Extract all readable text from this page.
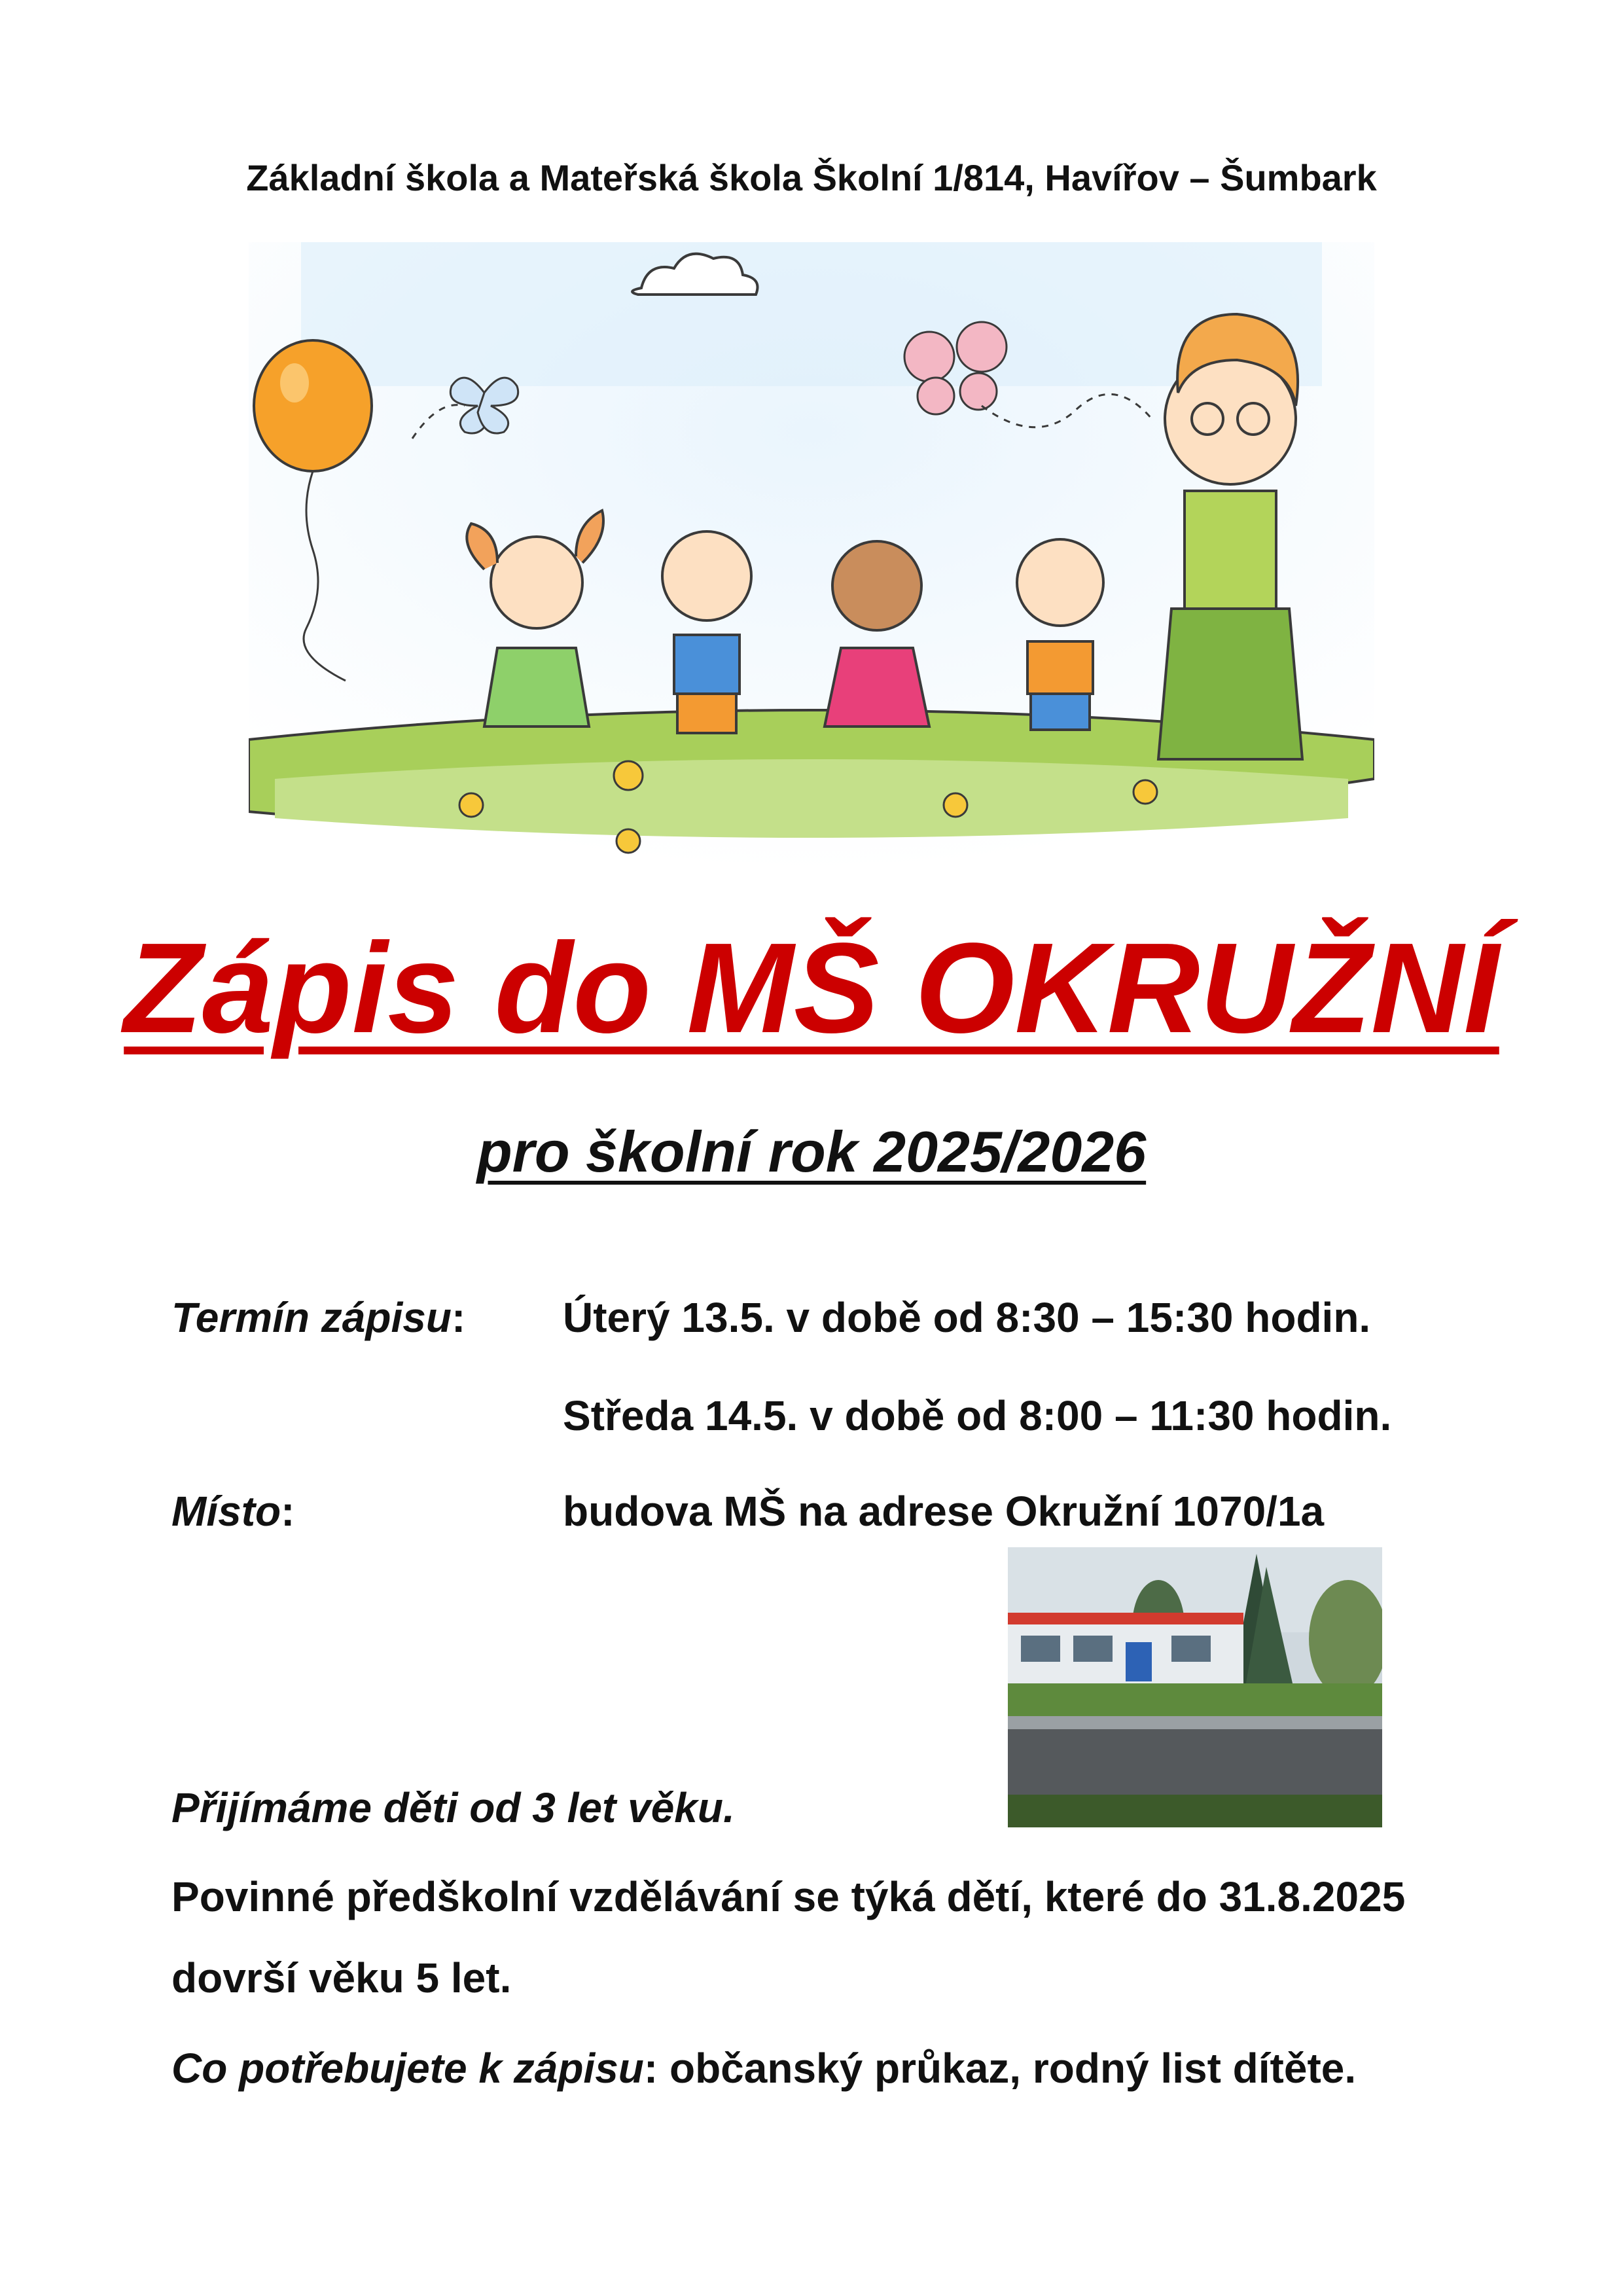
Základní škola a Mateřská škola Školní 1/814, Havířov – Šumbark

Zápis do MŠ OKRUŽNÍ
pro školní rok 2025/2026
Termín zápisu: Úterý 13.5. v době od 8:30 – 15:30 hodin.
Středa 14.5. v době od 8:00 – 11:30 hodin.
Místo:	budova MŠ na adrese Okružní 1070/1a

Přijímáme děti od 3 let věku.

Povinné předškolní vzdělávání se týká dětí, které do 31.8.2025

dovrší věku 5 let.

Co potřebujete k zápisu: občanský průkaz, rodný list dítěte.
